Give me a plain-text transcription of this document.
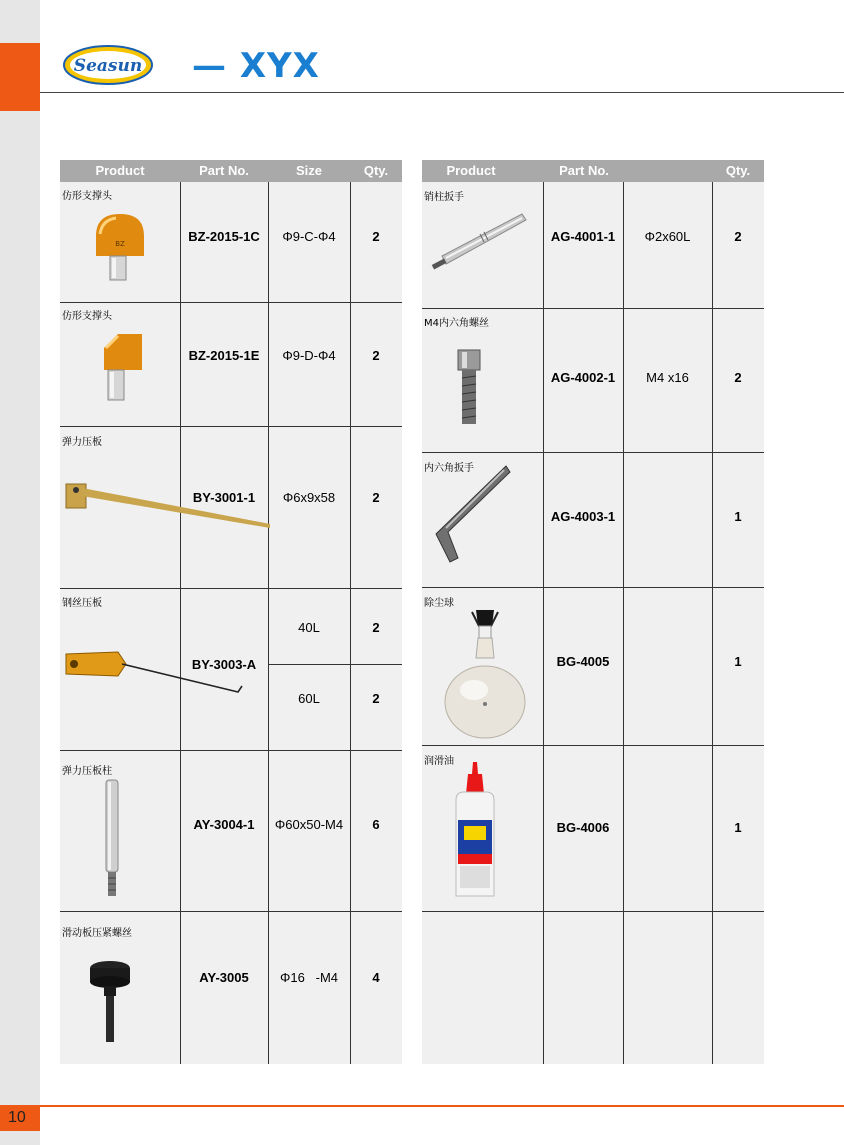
Seasun — XYX
Product	Part No.	Size	Qty.
仿形支撑头
BZ	BZ-2015-1C	Φ9-C-Φ4	2
仿形支撑头
BZ-2015-1E	Φ9-D-Φ4	2
弹力压板
BY-3001-1	Φ6x9x58	2
钢丝压板
BY-3003-A
40L	2
60L	2
弹力压板柱
AY-3004-1	Φ60x50-M4	6
滑动板压紧螺丝
AY-3005	Φ16   -M4	4
Product	Part No.	Qty.
销柱扳手
AG-4001-1	Φ2x60L	2
M4内六角螺丝
AG-4002-1	M4 x16	2
内六角扳手
AG-4003-1	1
除尘球
BG-4005	1
润滑油
BG-4006	1
10
